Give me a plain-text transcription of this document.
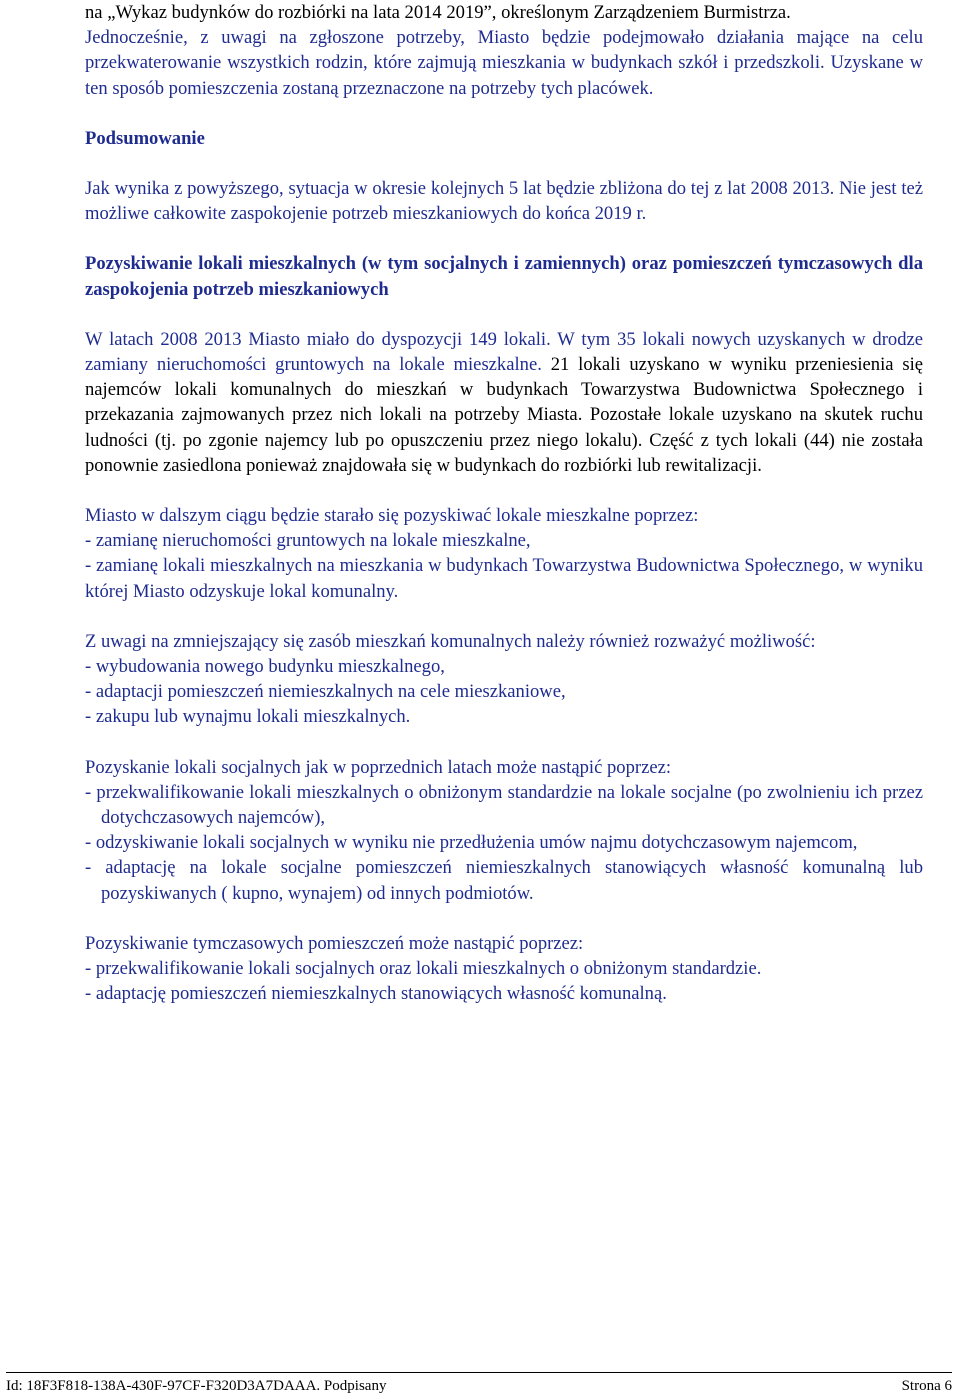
na „Wykaz budynków do rozbiórki na lata 2014 2019”, określonym Zarządzeniem Burmistrza.

Jednocześnie, z uwagi na zgłoszone potrzeby, Miasto będzie podejmowało działania mające na celu przekwaterowanie wszystkich rodzin, które zajmują mieszkania w budynkach szkół i przedszkoli. Uzyskane w ten sposób pomieszczenia zostaną przeznaczone na potrzeby tych placówek.

Podsumowanie

Jak wynika z powyższego, sytuacja w okresie kolejnych 5 lat będzie zbliżona do tej z lat 2008 2013. Nie jest też możliwe całkowite zaspokojenie potrzeb mieszkaniowych do końca 2019 r.

Pozyskiwanie lokali mieszkalnych (w tym socjalnych i zamiennych) oraz pomieszczeń tymczasowych dla zaspokojenia potrzeb mieszkaniowych

W latach 2008 2013 Miasto miało do dyspozycji 149 lokali. W tym 35 lokali nowych uzyskanych w drodze zamiany nieruchomości gruntowych na lokale mieszkalne. 21 lokali uzyskano w wyniku przeniesienia się najemców lokali komunalnych do mieszkań w budynkach Towarzystwa Budownictwa Społecznego i przekazania zajmowanych przez nich lokali na potrzeby Miasta. Pozostałe lokale uzyskano na skutek ruchu ludności (tj. po zgonie najemcy lub po opuszczeniu przez niego lokalu). Część z tych lokali (44) nie została ponownie zasiedlona ponieważ znajdowała się w budynkach do rozbiórki lub rewitalizacji.

Miasto w dalszym ciągu będzie starało się pozyskiwać lokale mieszkalne poprzez:

- zamianę nieruchomości gruntowych na lokale mieszkalne,

- zamianę lokali mieszkalnych na mieszkania w budynkach Towarzystwa Budownictwa Społecznego, w wyniku której Miasto odzyskuje lokal komunalny.

Z uwagi na zmniejszający się zasób mieszkań komunalnych należy również rozważyć możliwość:

- wybudowania nowego budynku mieszkalnego,

- adaptacji pomieszczeń niemieszkalnych na cele mieszkaniowe,

- zakupu lub wynajmu lokali mieszkalnych.

Pozyskanie lokali socjalnych jak w poprzednich latach może nastąpić poprzez:

- przekwalifikowanie lokali mieszkalnych o obniżonym standardzie na lokale socjalne (po zwolnieniu ich przez dotychczasowych najemców),

- odzyskiwanie lokali socjalnych w wyniku nie przedłużenia umów najmu dotychczasowym najemcom,

- adaptację na lokale socjalne pomieszczeń niemieszkalnych stanowiących własność komunalną lub pozyskiwanych ( kupno, wynajem) od innych podmiotów.

Pozyskiwanie tymczasowych pomieszczeń może nastąpić poprzez:

- przekwalifikowanie lokali socjalnych oraz lokali mieszkalnych o obniżonym standardzie.

- adaptację pomieszczeń niemieszkalnych stanowiących własność komunalną.

Id: 18F3F818-138A-430F-97CF-F320D3A7DAAA. Podpisany	Strona 6
